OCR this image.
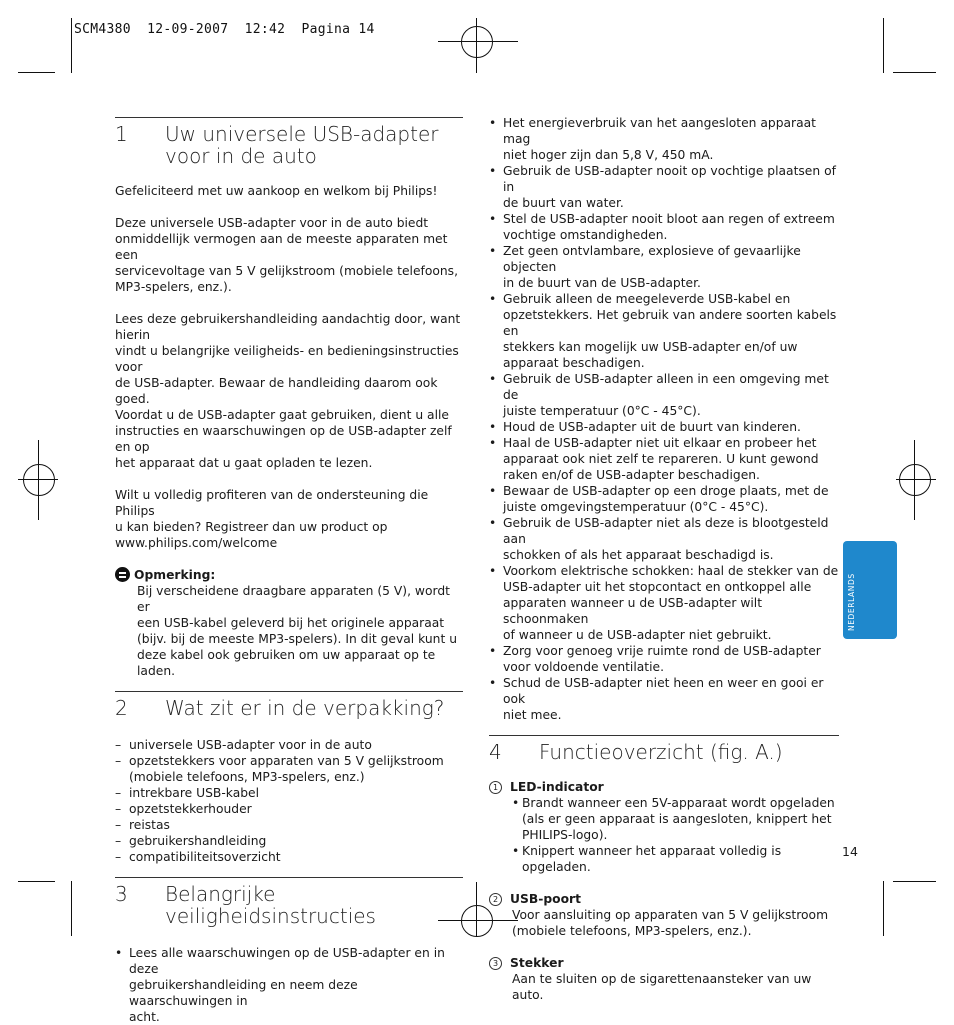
SCM4380  12-09-2007  12:42  Pagina 14
1	Uw universele USB-adapter voor in de auto

Gefeliciteerd met uw aankoop en welkom bij Philips!

Deze universele USB-adapter voor in de auto biedt
onmiddellijk vermogen aan de meeste apparaten met een
servicevoltage van 5 V gelijkstroom (mobiele telefoons,
MP3-spelers, enz.).
Lees deze gebruikershandleiding aandachtig door, want hierin
vindt u belangrijke veiligheids- en bedieningsinstructies voor
de USB-adapter. Bewaar de handleiding daarom ook goed.
Voordat u de USB-adapter gaat gebruiken, dient u alle
instructies en waarschuwingen op de USB-adapter zelf en op
het apparaat dat u gaat opladen te lezen.
Wilt u volledig profiteren van de ondersteuning die Philips
u kan bieden? Registreer dan uw product op
www.philips.com/welcome
Opmerking:
Bij verscheidene draagbare apparaten (5 V), wordt er
een USB-kabel geleverd bij het originele apparaat
(bijv. bij de meeste MP3-spelers). In dit geval kunt u
deze kabel ook gebruiken om uw apparaat op te laden.
2	Wat zit er in de verpakking?
– universele USB-adapter voor in de auto
– opzetstekkers voor apparaten van 5 V gelijkstroom
(mobiele telefoons, MP3-spelers, enz.)
– intrekbare USB-kabel
– opzetstekkerhouder
– reistas
– gebruikershandleiding
– compatibiliteitsoverzicht
3	Belangrijke veiligheidsinstructies
• Lees alle waarschuwingen op de USB-adapter en in deze
gebruikershandleiding en neem deze waarschuwingen in
acht.
• Het energieverbruik van het aangesloten apparaat mag
niet hoger zijn dan 5,8 V, 450 mA.
• Gebruik de USB-adapter nooit op vochtige plaatsen of in
de buurt van water.
• Stel de USB-adapter nooit bloot aan regen of extreem
vochtige omstandigheden.
• Zet geen ontvlambare, explosieve of gevaarlijke objecten
in de buurt van de USB-adapter.
• Gebruik alleen de meegeleverde USB-kabel en
opzetstekkers. Het gebruik van andere soorten kabels en
stekkers kan mogelijk uw USB-adapter en/of uw
apparaat beschadigen.
• Gebruik de USB-adapter alleen in een omgeving met de
juiste temperatuur (0°C - 45°C).
• Houd de USB-adapter uit de buurt van kinderen.
• Haal de USB-adapter niet uit elkaar en probeer het
apparaat ook niet zelf te repareren. U kunt gewond
raken en/of de USB-adapter beschadigen.
• Bewaar de USB-adapter op een droge plaats, met de
juiste omgevingstemperatuur (0°C - 45°C).
• Gebruik de USB-adapter niet als deze is blootgesteld aan
schokken of als het apparaat beschadigd is.
• Voorkom elektrische schokken: haal de stekker van de
USB-adapter uit het stopcontact en ontkoppel alle
apparaten wanneer u de USB-adapter wilt schoonmaken
of wanneer u de USB-adapter niet gebruikt.
• Zorg voor genoeg vrije ruimte rond de USB-adapter
voor voldoende ventilatie.
• Schud de USB-adapter niet heen en weer en gooi er ook
niet mee.
4	Functieoverzicht (fig. A.)
1 LED-indicator
• Brandt wanneer een 5V-apparaat wordt opgeladen
(als er geen apparaat is aangesloten, knippert het
PHILIPS-logo).
• Knippert wanneer het apparaat volledig is opgeladen.
2 USB-poort
Voor aansluiting op apparaten van 5 V gelijkstroom
(mobiele telefoons, MP3-spelers, enz.).
3 Stekker
Aan te sluiten op de sigarettenaansteker van uw auto.
NEDERLANDS
14
